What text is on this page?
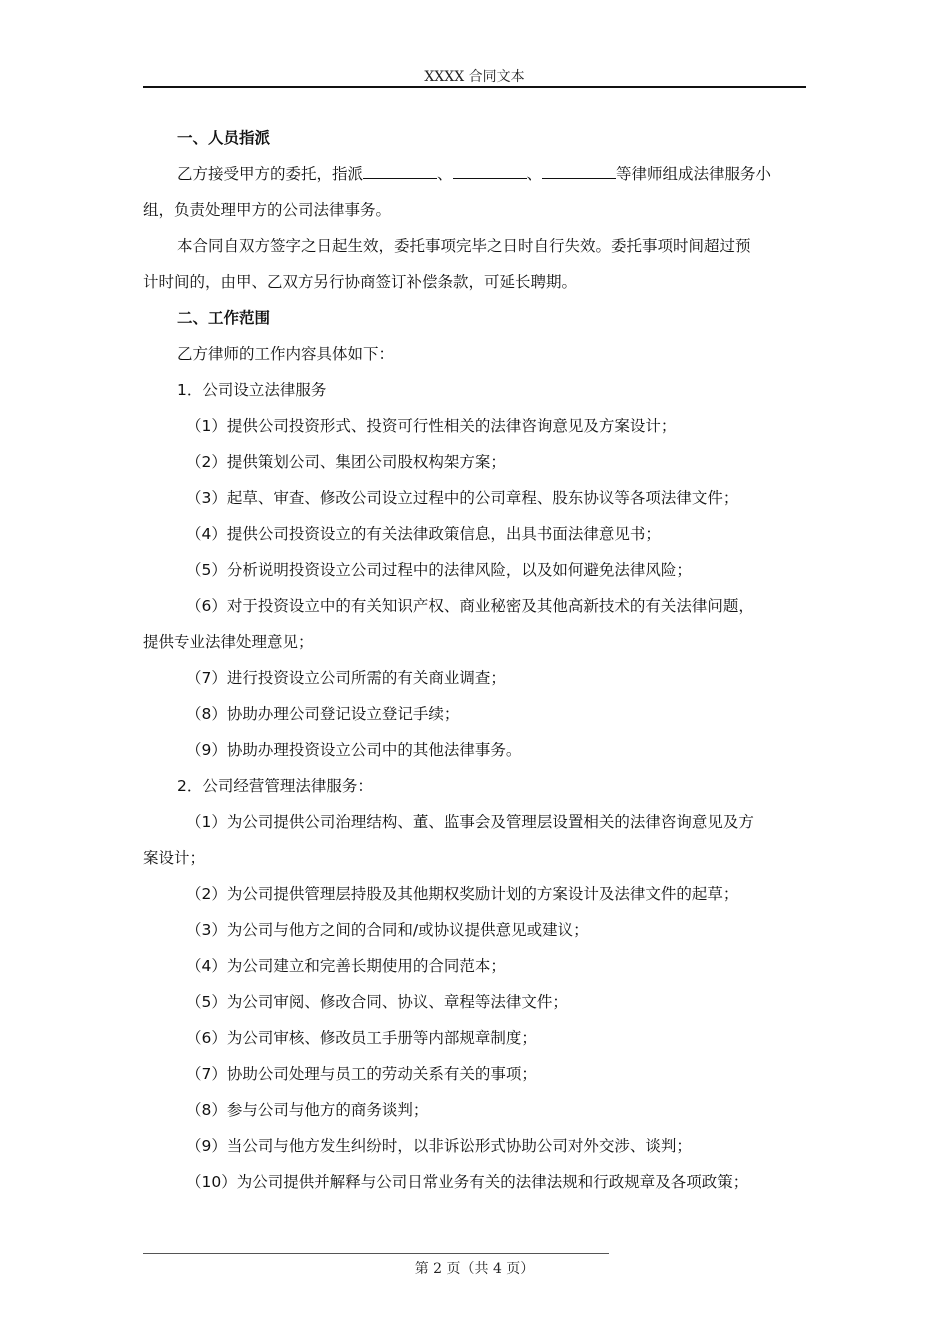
XXXX 合同文本

一、人员指派

乙方接受甲方的委托，指派	、	、	等律师组成法律服务小

组，负责处理甲方的公司法律事务。

本合同自双方签字之日起生效，委托事项完毕之日时自行失效。委托事项时间超过预

计时间的，由甲、乙双方另行协商签订补偿条款，可延长聘期。

二、工作范围

乙方律师的工作内容具体如下：

1．公司设立法律服务

（1）提供公司投资形式、投资可行性相关的法律咨询意见及方案设计；

（2）提供策划公司、集团公司股权构架方案；

（3）起草、审查、修改公司设立过程中的公司章程、股东协议等各项法律文件；

（4）提供公司投资设立的有关法律政策信息，出具书面法律意见书；

（5）分析说明投资设立公司过程中的法律风险，以及如何避免法律风险；

（6）对于投资设立中的有关知识产权、商业秘密及其他高新技术的有关法律问题，

提供专业法律处理意见；

（7）进行投资设立公司所需的有关商业调查；

（8）协助办理公司登记设立登记手续；

（9）协助办理投资设立公司中的其他法律事务。

2．公司经营管理法律服务：

（1）为公司提供公司治理结构、董、监事会及管理层设置相关的法律咨询意见及方

案设计；

（2）为公司提供管理层持股及其他期权奖励计划的方案设计及法律文件的起草；

（3）为公司与他方之间的合同和/或协议提供意见或建议；

（4）为公司建立和完善长期使用的合同范本；

（5）为公司审阅、修改合同、协议、章程等法律文件；

（6）为公司审核、修改员工手册等内部规章制度；

（7）协助公司处理与员工的劳动关系有关的事项；

（8）参与公司与他方的商务谈判；

（9）当公司与他方发生纠纷时，以非诉讼形式协助公司对外交涉、谈判；

（10）为公司提供并解释与公司日常业务有关的法律法规和行政规章及各项政策；

第 2 页（共 4 页）
